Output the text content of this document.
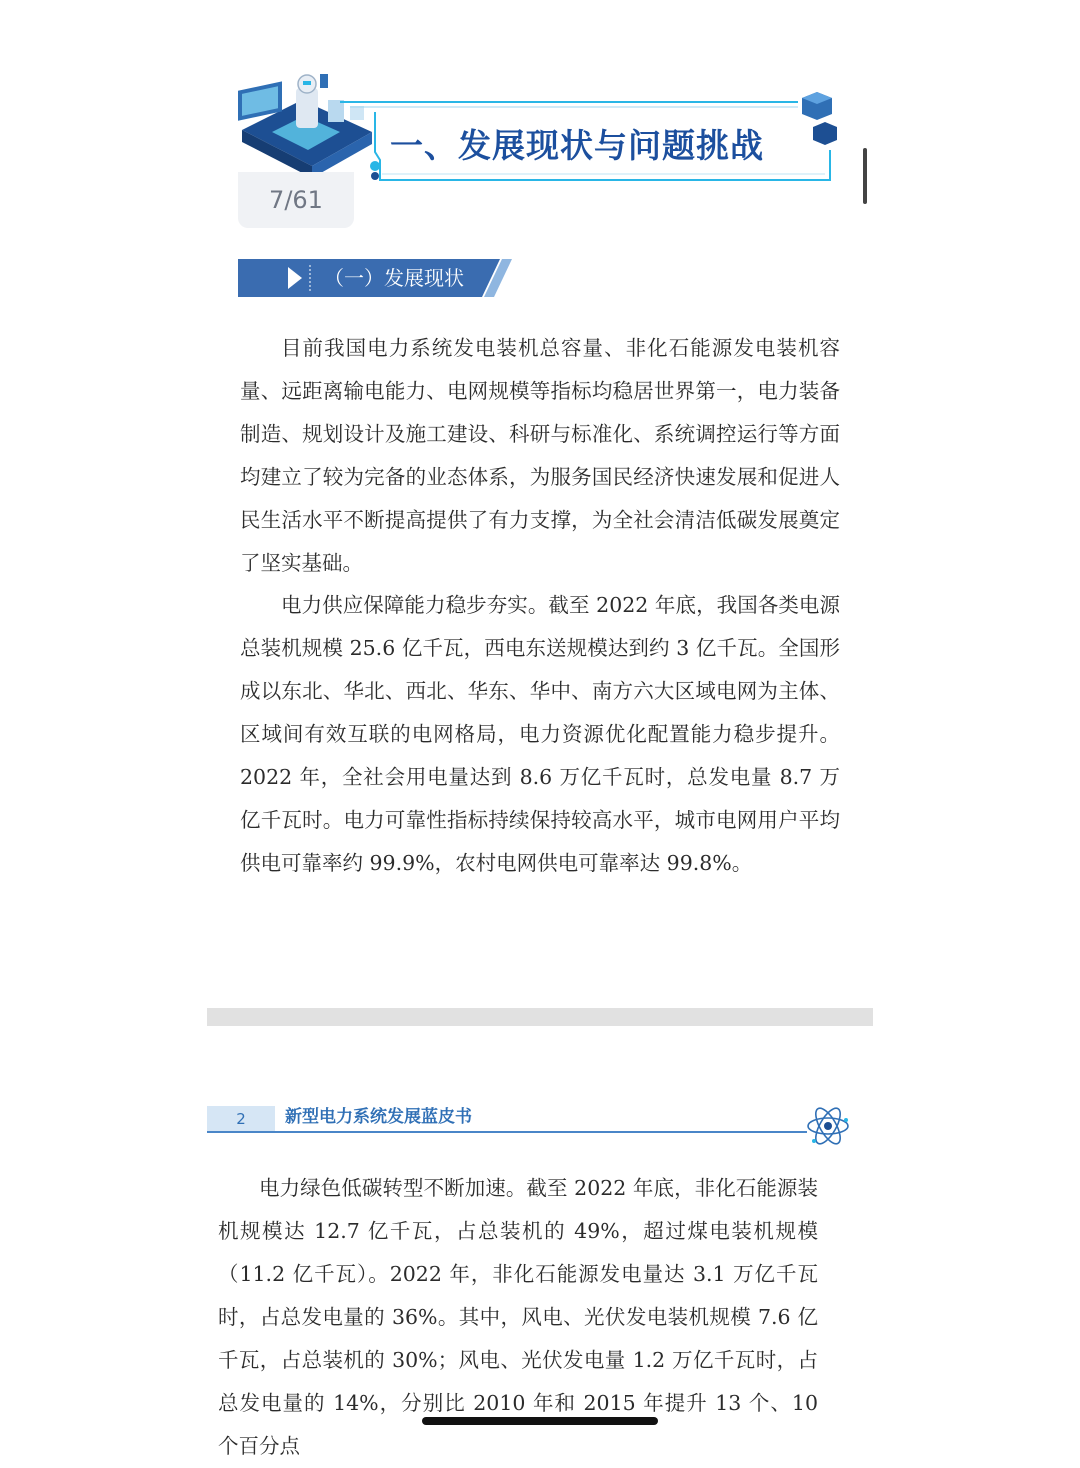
一、发展现状与问题挑战
7/61
（一）发展现状

目前我国电力系统发电装机总容量、非化石能源发电装机容量、远距离输电能力、电网规模等指标均稳居世界第一，电力装备制造、规划设计及施工建设、科研与标准化、系统调控运行等方面均建立了较为完备的业态体系，为服务国民经济快速发展和促进人民生活水平不断提高提供了有力支撑，为全社会清洁低碳发展奠定了坚实基础。

电力供应保障能力稳步夯实。截至 2022 年底，我国各类电源总装机规模 25.6 亿千瓦，西电东送规模达到约 3 亿千瓦。全国形成以东北、华北、西北、华东、华中、南方六大区域电网为主体、区域间有效互联的电网格局，电力资源优化配置能力稳步提升。2022 年，全社会用电量达到 8.6 万亿千瓦时，总发电量 8.7 万亿千瓦时。电力可靠性指标持续保持较高水平，城市电网用户平均供电可靠率约 99.9%，农村电网供电可靠率达 99.8%。

2	新型电力系统发展蓝皮书

电力绿色低碳转型不断加速。截至 2022 年底，非化石能源装机规模达 12.7 亿千瓦，占总装机的 49%，超过煤电装机规模（11.2 亿千瓦）。2022 年，非化石能源发电量达 3.1 万亿千瓦时，占总发电量的 36%。其中，风电、光伏发电装机规模 7.6 亿千瓦，占总装机的 30%；风电、光伏发电量 1.2 万亿千瓦时，占总发电量的 14%，分别比 2010 年和 2015 年提升 13 个、10 个百分点
